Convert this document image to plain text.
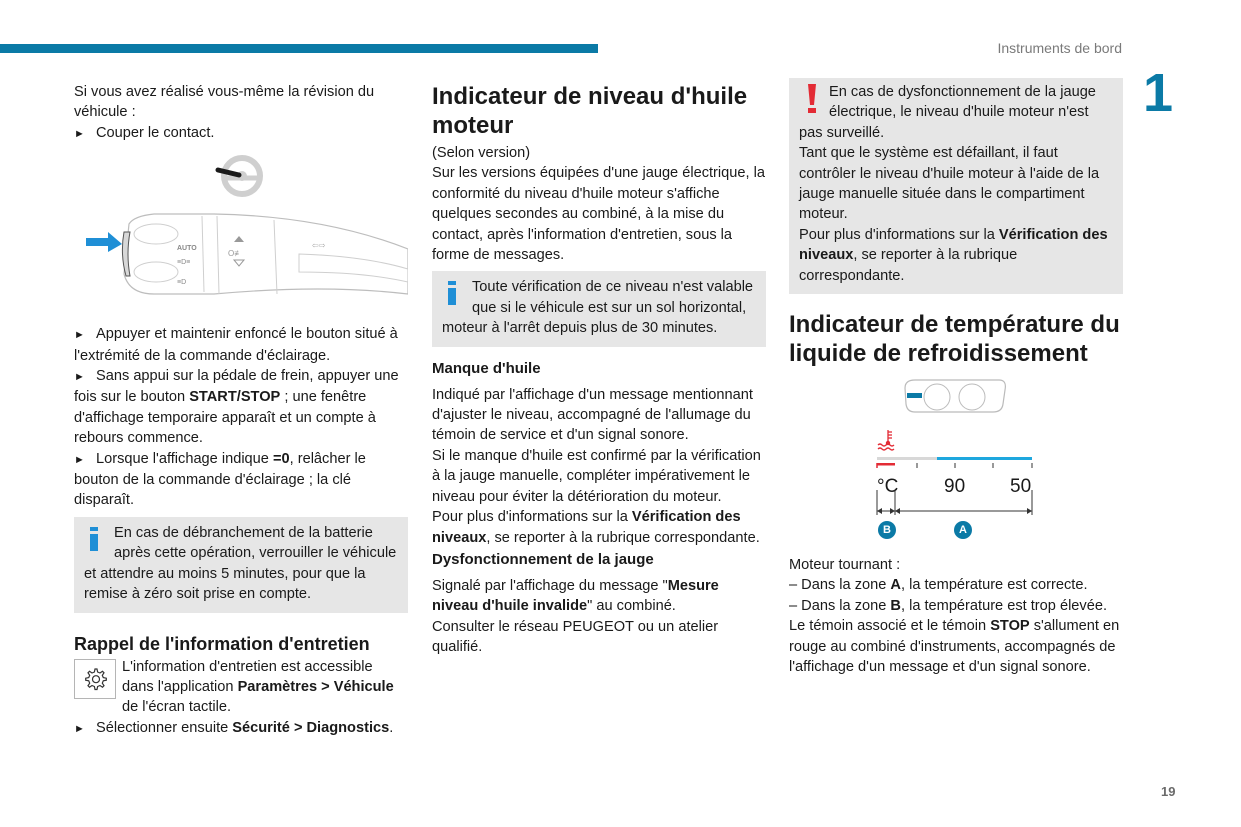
Instruments de bord
1
19

Si vous avez réalisé vous-même la révision du véhicule :

► Couper le contact.

AUTO
≡D≡
≡D
O≢
⇦⇨

► Appuyer et maintenir enfoncé le bouton situé à l'extrémité de la commande d'éclairage.

► Sans appui sur la pédale de frein, appuyer une fois sur le bouton START/STOP ; une fenêtre d'affichage temporaire apparaît et un compte à rebours commence.

► Lorsque l'affichage indique =0, relâcher le bouton de la commande d'éclairage ; la clé disparaît.

En cas de débranchement de la batterie après cette opération, verrouiller le véhicule et attendre au moins 5 minutes, pour que la remise à zéro soit prise en compte.
Rappel de l'information d'entretien
L'information d'entretien est accessible dans l'application Paramètres > Véhicule de l'écran tactile.

► Sélectionner ensuite Sécurité > Diagnostics.

Indicateur de niveau d'huile moteur

(Selon version)

Sur les versions équipées d'une jauge électrique, la conformité du niveau d'huile moteur s'affiche quelques secondes au combiné, à la mise du contact, après l'information d'entretien, sous la forme de messages.

Toute vérification de ce niveau n'est valable que si le véhicule est sur un sol horizontal, moteur à l'arrêt depuis plus de 30 minutes.
Manque d'huile

Indiqué par l'affichage d'un message mentionnant d'ajuster le niveau, accompagné de l'allumage du témoin de service et d'un signal sonore.

Si le manque d'huile est confirmé par la vérification à la jauge manuelle, compléter impérativement le niveau pour éviter la détérioration du moteur.

Pour plus d'informations sur la Vérification des niveaux, se reporter à la rubrique correspondante.

Dysfonctionnement de la jauge

Signalé par l'affichage du message "Mesure niveau d'huile invalide" au combiné.

Consulter le réseau PEUGEOT ou un atelier qualifié.

En cas de dysfonctionnement de la jauge électrique, le niveau d'huile moteur n'est pas surveillé.

Tant que le système est défaillant, il faut contrôler le niveau d'huile moteur à l'aide de la jauge manuelle située dans le compartiment moteur.

Pour plus d'informations sur la Vérification des niveaux, se reporter à la rubrique correspondante.

Indicateur de température du liquide de refroidissement
°C 90 50
B	A

Moteur tournant :

– Dans la zone A, la température est correcte.

– Dans la zone B, la température est trop élevée. Le témoin associé et le témoin STOP s'allument en rouge au combiné d'instruments, accompagnés de l'affichage d'un message et d'un signal sonore.
